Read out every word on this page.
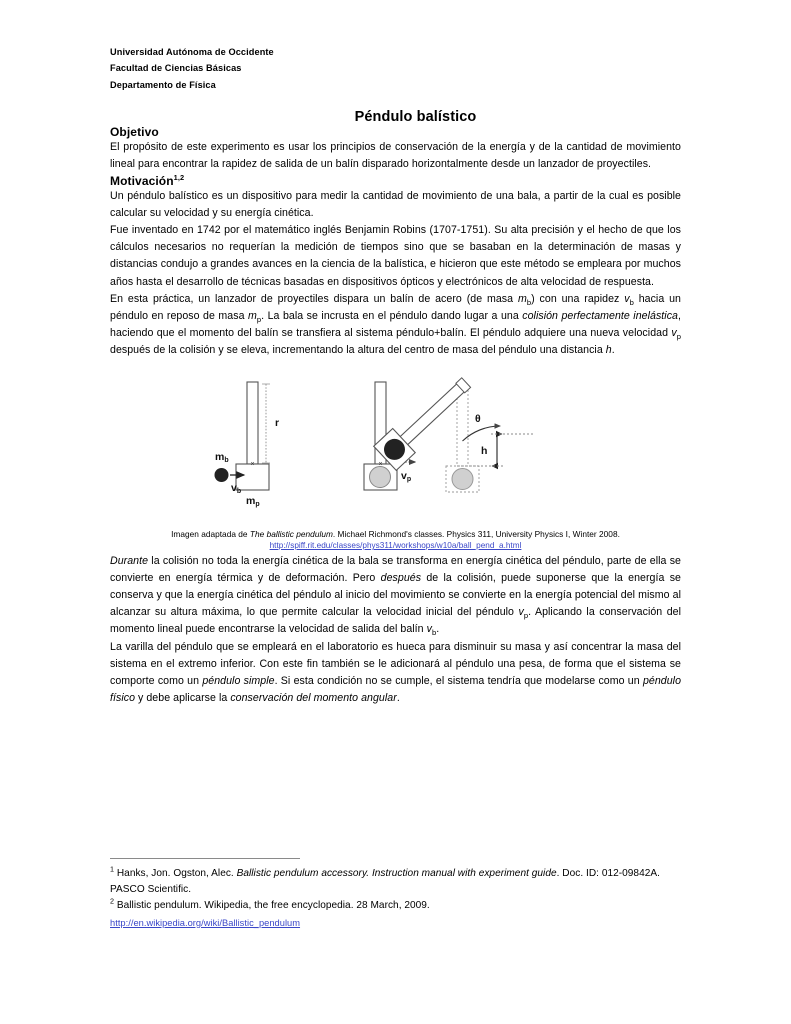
Universidad Autónoma de Occidente
Facultad de Ciencias Básicas
Departamento de Física
Péndulo balístico
Objetivo

El propósito de este experimento es usar los principios de conservación de la energía y de la cantidad de movimiento lineal para encontrar la rapidez de salida de un balín disparado horizontalmente desde un lanzador de proyectiles.

Motivación$^{1,2}$

Un péndulo balístico es un dispositivo para medir la cantidad de movimiento de una bala, a partir de la cual es posible calcular su velocidad y su energía cinética.

Fue inventado en 1742 por el matemático inglés Benjamin Robins (1707-1751). Su alta precisión y el hecho de que los cálculos necesarios no requerían la medición de tiempos sino que se basaban en la determinación de masas y distancias condujo a grandes avances en la ciencia de la balística, e hicieron que este método se empleara por muchos años hasta el desarrollo de técnicas basadas en dispositivos ópticos y electrónicos de alta velocidad de respuesta.

En esta práctica, un lanzador de proyectiles dispara un balín de acero (de masa $m_b$) con una rapidez $v_b$ hacia un péndulo en reposo de masa $m_p$. La bala se incrusta en el péndulo dando lugar a una colisión perfectamente inelástica, haciendo que el momento del balín se transfiera al sistema péndulo+balín. El péndulo adquiere una nueva velocidad $v_p$ después de la colisión y se eleva, incrementando la altura del centro de masa del péndulo una distancia h.

×
r
mb
vb
mp
×
vp
θ
h
Imagen adaptada de The ballistic pendulum. Michael Richmond's classes. Physics 311, University Physics I, Winter 2008.
http://spiff.rit.edu/classes/phys311/workshops/w10a/ball_pend_a.html

Durante la colisión no toda la energía cinética de la bala se transforma en energía cinética del péndulo, parte de ella se convierte en energía térmica y de deformación. Pero después de la colisión, puede suponerse que la energía se conserva y que la energía cinética del péndulo al inicio del movimiento se convierte en la energía potencial del mismo al alcanzar su altura máxima, lo que permite calcular la velocidad inicial del péndulo $v_p$. Aplicando la conservación del momento lineal puede encontrarse la velocidad de salida del balín $v_b$.

La varilla del péndulo que se empleará en el laboratorio es hueca para disminuir su masa y así concentrar la masa del sistema en el extremo inferior. Con este fin también se le adicionará al péndulo una pesa, de forma que el sistema se comporte como un péndulo simple. Si esta condición no se cumple, el sistema tendría que modelarse como un péndulo físico y debe aplicarse la conservación del momento angular.

$^1$ Hanks, Jon. Ogston, Alec. Ballistic pendulum accessory. Instruction manual with experiment guide. Doc. ID: 012-09842A. PASCO Scientific.

$^2$ Ballistic pendulum. Wikipedia, the free encyclopedia. 28 March, 2009.

http://en.wikipedia.org/wiki/Ballistic_pendulum
